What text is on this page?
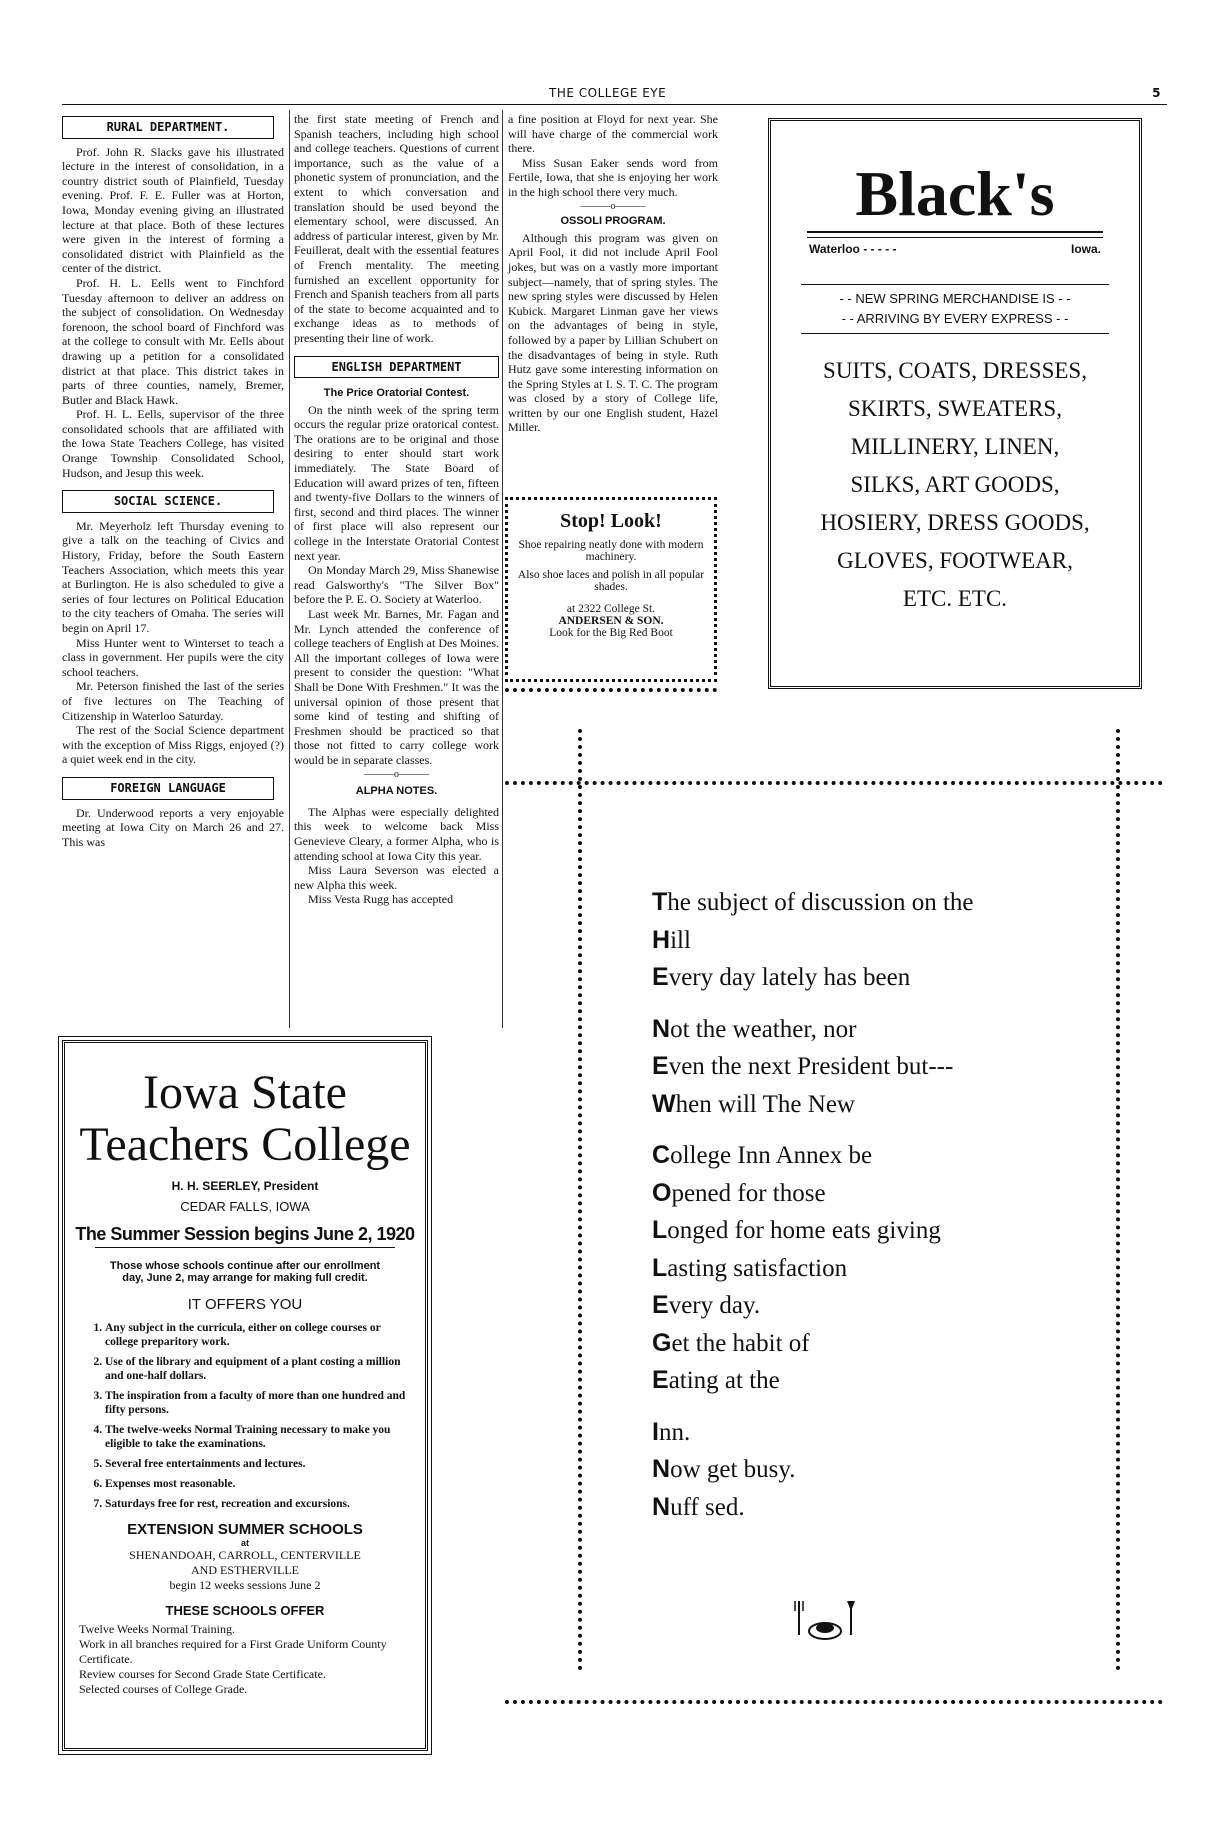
THE COLLEGE EYE	5
RURAL DEPARTMENT.

Prof. John R. Slacks gave his illustrated lecture in the interest of consolidation, in a country district south of Plainfield, Tuesday evening. Prof. F. E. Fuller was at Horton, Iowa, Monday evening giving an illustrated lecture at that place. Both of these lectures were given in the interest of forming a consolidated district with Plainfield as the center of the district.

Prof. H. L. Eells went to Finchford Tuesday afternoon to deliver an address on the subject of consolidation. On Wednesday forenoon, the school board of Finchford was at the college to consult with Mr. Eells about drawing up a petition for a consolidated district at that place. This district takes in parts of three counties, namely, Bremer, Butler and Black Hawk.

Prof. H. L. Eells, supervisor of the three consolidated schools that are affiliated with the Iowa State Teachers College, has visited Orange Township Consolidated School, Hudson, and Jesup this week.

SOCIAL SCIENCE.

Mr. Meyerholz left Thursday evening to give a talk on the teaching of Civics and History, Friday, before the South Eastern Teachers Association, which meets this year at Burlington. He is also scheduled to give a series of four lectures on Political Education to the city teachers of Omaha. The series will begin on April 17.

Miss Hunter went to Winterset to teach a class in government. Her pupils were the city school teachers.

Mr. Peterson finished the last of the series of five lectures on The Teaching of Citizenship in Waterloo Saturday.

The rest of the Social Science department with the exception of Miss Riggs, enjoyed (?) a quiet week end in the city.

FOREIGN LANGUAGE

Dr. Underwood reports a very enjoyable meeting at Iowa City on March 26 and 27. This was

the first state meeting of French and Spanish teachers, including high school and college teachers. Questions of current importance, such as the value of a phonetic system of pronunciation, and the extent to which conversation and translation should be used beyond the elementary school, were discussed. An address of particular interest, given by Mr. Feuillerat, dealt with the essential features of French mentality. The meeting furnished an excellent opportunity for French and Spanish teachers from all parts of the state to become acquainted and to exchange ideas as to methods of presenting their line of work.

ENGLISH DEPARTMENT

The Price Oratorial Contest.

On the ninth week of the spring term occurs the regular prize oratorical contest. The orations are to be original and those desiring to enter should start work immediately. The State Board of Education will award prizes of ten, fifteen and twenty-five Dollars to the winners of first, second and third places. The winner of first place will also represent our college in the Interstate Oratorial Contest next year.

On Monday March 29, Miss Shanewise read Galsworthy's "The Silver Box" before the P. E. O. Society at Waterloo.

Last week Mr. Barnes, Mr. Fagan and Mr. Lynch attended the conference of college teachers of English at Des Moines. All the important colleges of Iowa were present to consider the question: "What Shall be Done With Freshmen." It was the universal opinion of those present that some kind of testing and shifting of Freshmen should be practiced so that those not fitted to carry college work would be in separate classes.

———o———

ALPHA NOTES.

The Alphas were especially delighted this week to welcome back Miss Genevieve Cleary, a former Alpha, who is attending school at Iowa City this year.

Miss Laura Severson was elected a new Alpha this week.

Miss Vesta Rugg has accepted

a fine position at Floyd for next year. She will have charge of the commercial work there.

Miss Susan Eaker sends word from Fertile, Iowa, that she is enjoying her work in the high school there very much.

———o———

OSSOLI PROGRAM.

Although this program was given on April Fool, it did not include April Fool jokes, but was on a vastly more important subject—namely, that of spring styles. The new spring styles were discussed by Helen Kubick. Margaret Linman gave her views on the advantages of being in style, followed by a paper by Lillian Schubert on the disadvantages of being in style. Ruth Hutz gave some interesting information on the Spring Styles at I. S. T. C. The program was closed by a story of College life, written by our one English student, Hazel Miller.

Stop! Look!
Shoe repairing neatly done with modern machinery.
Also shoe laces and polish in all popular shades.
at 2322 College St.
ANDERSEN & SON.
Look for the Big Red Boot
Black's
Waterloo - - - - -	Iowa.
- - NEW SPRING MERCHANDISE IS - -
- - ARRIVING BY EVERY EXPRESS - -
SUITS, COATS, DRESSES,
SKIRTS, SWEATERS,
MILLINERY, LINEN,
SILKS, ART GOODS,
HOSIERY, DRESS GOODS,
GLOVES, FOOTWEAR,
ETC. ETC.
Iowa State
Teachers College
H. H. SEERLEY, President
CEDAR FALLS, IOWA
The Summer Session begins June 2, 1920
Those whose schools continue after our enrollment day, June 2, may arrange for making full credit.
IT OFFERS YOU
1. Any subject in the curricula, either on college courses or college preparitory work.
2. Use of the library and equipment of a plant costing a million and one-half dollars.
3. The inspiration from a faculty of more than one hundred and fifty persons.
4. The twelve-weeks Normal Training necessary to make you eligible to take the examinations.
5. Several free entertainments and lectures.
6. Expenses most reasonable.
7. Saturdays free for rest, recreation and excursions.
EXTENSION SUMMER SCHOOLS
at
SHENANDOAH, CARROLL, CENTERVILLE
AND ESTHERVILLE
begin 12 weeks sessions June 2
THESE SCHOOLS OFFER
Twelve Weeks Normal Training.
Work in all branches required for a First Grade Uniform County Certificate.
Review courses for Second Grade State Certificate.
Selected courses of College Grade.
The subject of discussion on the
Hill
Every day lately has been
Not the weather, nor
Even the next President but---
When will The New
College Inn Annex be
Opened for those
Longed for home eats giving
Lasting satisfaction
Every day.
Get the habit of
Eating at the
Inn.
Now get busy.
Nuff sed.
